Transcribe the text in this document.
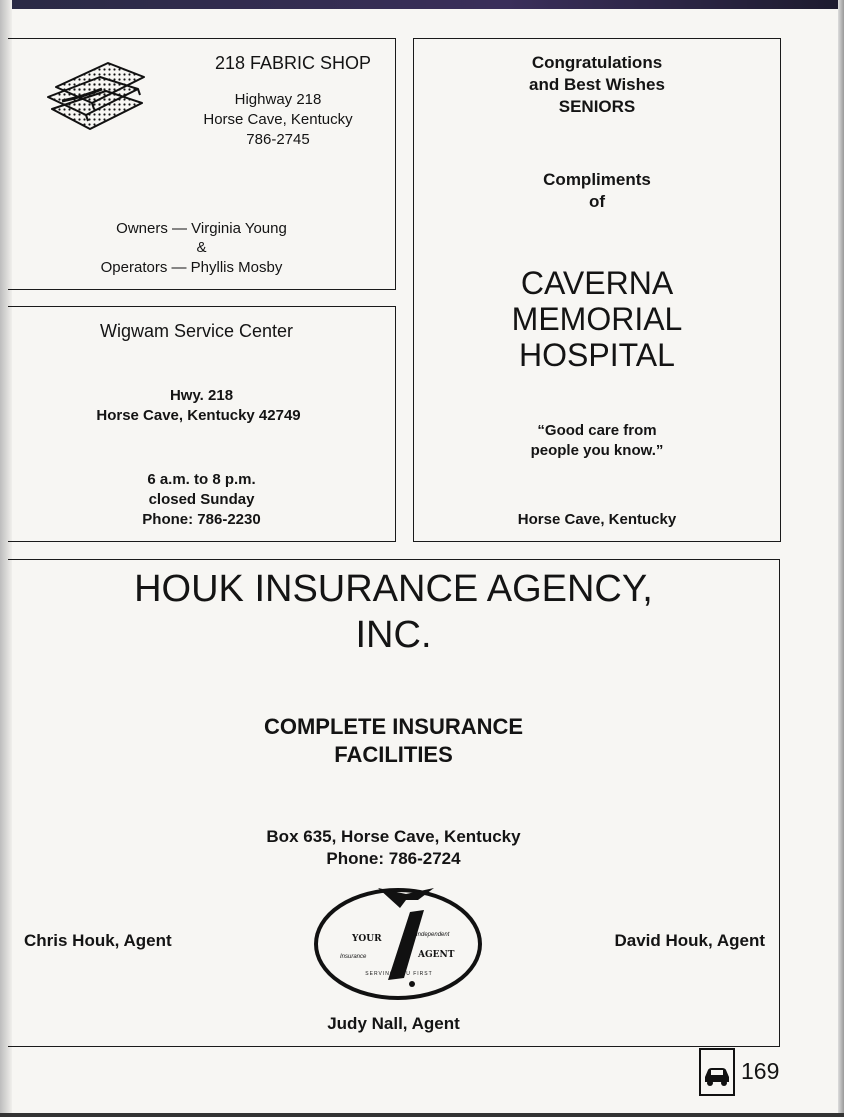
218 FABRIC SHOP
Highway 218
Horse Cave, Kentucky
786-2745
Owners — Virginia Young
&
Operators — Phyllis Mosby
Wigwam Service Center
Hwy. 218
Horse Cave, Kentucky 42749
6 a.m. to 8 p.m.
closed Sunday
Phone: 786-2230
Congratulations
and Best Wishes
SENIORS
Compliments
of
CAVERNA
MEMORIAL
HOSPITAL
“Good care from
people you know.”
Horse Cave, Kentucky
HOUK INSURANCE AGENCY,
INC.
COMPLETE INSURANCE
FACILITIES
Box 635, Horse Cave, Kentucky
Phone: 786-2724
Chris Houk, Agent	David Houk, Agent
Judy Nall, Agent
YOUR	Independent
Insurance	AGENT
SERVING YOU FIRST
169
